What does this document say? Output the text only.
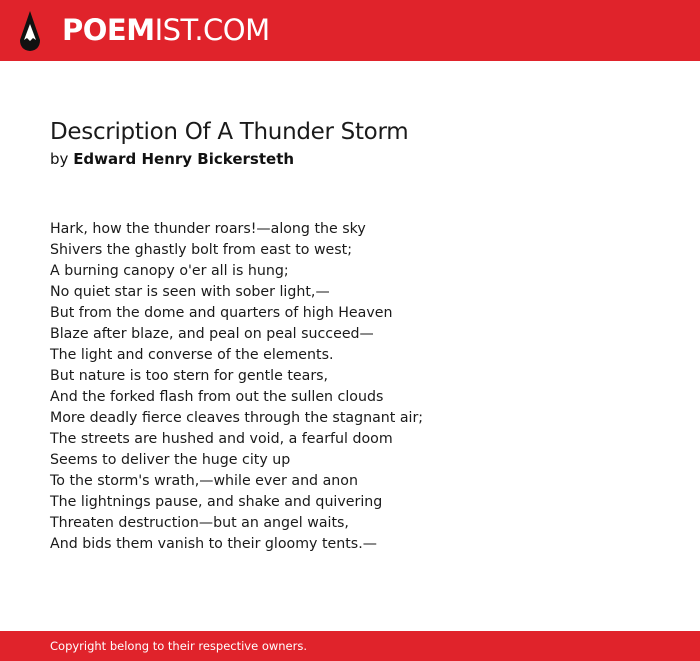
POEMIST.COM
Description Of A Thunder Storm
by Edward Henry Bickersteth
Hark, how the thunder roars!—along the sky
Shivers the ghastly bolt from east to west;
A burning canopy o'er all is hung;
No quiet star is seen with sober light,—
But from the dome and quarters of high Heaven
Blaze after blaze, and peal on peal succeed—
The light and converse of the elements.
But nature is too stern for gentle tears,
And the forked flash from out the sullen clouds
More deadly fierce cleaves through the stagnant air;
The streets are hushed and void, a fearful doom
Seems to deliver the huge city up
To the storm's wrath,—while ever and anon
The lightnings pause, and shake and quivering
Threaten destruction—but an angel waits,
And bids them vanish to their gloomy tents.—
Copyright belong to their respective owners.
